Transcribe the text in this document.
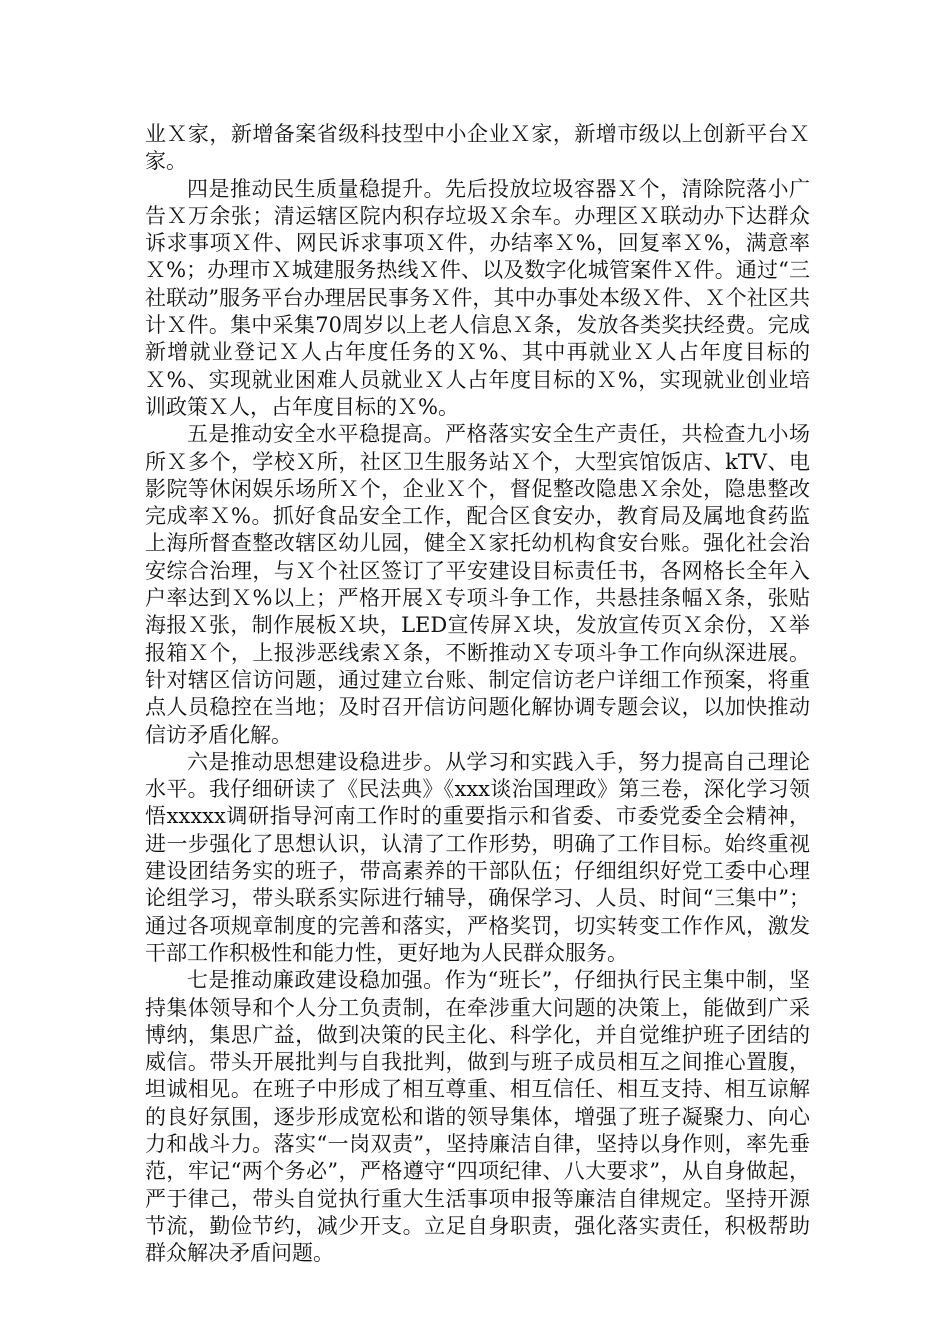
业Ｘ家，新增备案省级科技型中小企业Ｘ家，新增市级以上创新平台Ｘ家。

四是推动民生质量稳提升。先后投放垃圾容器Ｘ个，清除院落小广告Ｘ万余张；清运辖区院内积存垃圾Ｘ余车。办理区Ｘ联动办下达群众诉求事项Ｘ件、网民诉求事项Ｘ件，办结率Ｘ%，回复率Ｘ%，满意率Ｘ%；办理市Ｘ城建服务热线Ｘ件、以及数字化城管案件Ｘ件。通过“三社联动”服务平台办理居民事务Ｘ件，其中办事处本级Ｘ件、Ｘ个社区共计Ｘ件。集中采集70周岁以上老人信息Ｘ条，发放各类奖扶经费。完成新增就业登记Ｘ人占年度任务的Ｘ%、其中再就业Ｘ人占年度目标的Ｘ%、实现就业困难人员就业Ｘ人占年度目标的Ｘ%，实现就业创业培训政策Ｘ人，占年度目标的Ｘ%。

五是推动安全水平稳提高。严格落实安全生产责任，共检查九小场所Ｘ多个，学校Ｘ所，社区卫生服务站Ｘ个，大型宾馆饭店、kTV、电影院等休闲娱乐场所Ｘ个，企业Ｘ个，督促整改隐患Ｘ余处，隐患整改完成率Ｘ%。抓好食品安全工作，配合区食安办，教育局及属地食药监上海所督查整改辖区幼儿园，健全Ｘ家托幼机构食安台账。强化社会治安综合治理，与Ｘ个社区签订了平安建设目标责任书，各网格长全年入户率达到Ｘ%以上；严格开展Ｘ专项斗争工作，共悬挂条幅Ｘ条，张贴海报Ｘ张，制作展板Ｘ块，LED宣传屏Ｘ块，发放宣传页Ｘ余份，Ｘ举报箱Ｘ个，上报涉恶线索Ｘ条，不断推动Ｘ专项斗争工作向纵深进展。针对辖区信访问题，通过建立台账、制定信访老户详细工作预案，将重点人员稳控在当地；及时召开信访问题化解协调专题会议，以加快推动信访矛盾化解。

六是推动思想建设稳进步。从学习和实践入手，努力提高自己理论水平。我仔细研读了《民法典》《xxx谈治国理政》第三卷，深化学习领悟xxxxx调研指导河南工作时的重要指示和省委、市委党委全会精神，进一步强化了思想认识，认清了工作形势，明确了工作目标。始终重视建设团结务实的班子，带高素养的干部队伍；仔细组织好党工委中心理论组学习，带头联系实际进行辅导，确保学习、人员、时间“三集中”；通过各项规章制度的完善和落实，严格奖罚，切实转变工作作风，激发干部工作积极性和能力性，更好地为人民群众服务。

七是推动廉政建设稳加强。作为“班长”，仔细执行民主集中制，坚持集体领导和个人分工负责制，在牵涉重大问题的决策上，能做到广采博纳，集思广益，做到决策的民主化、科学化，并自觉维护班子团结的威信。带头开展批判与自我批判，做到与班子成员相互之间推心置腹，坦诚相见。在班子中形成了相互尊重、相互信任、相互支持、相互谅解的良好氛围，逐步形成宽松和谐的领导集体，增强了班子凝聚力、向心力和战斗力。落实“一岗双责”，坚持廉洁自律，坚持以身作则，率先垂范，牢记“两个务必”，严格遵守“四项纪律、八大要求”，从自身做起，严于律己，带头自觉执行重大生活事项申报等廉洁自律规定。坚持开源节流，勤俭节约，减少开支。立足自身职责，强化落实责任，积极帮助群众解决矛盾问题。
